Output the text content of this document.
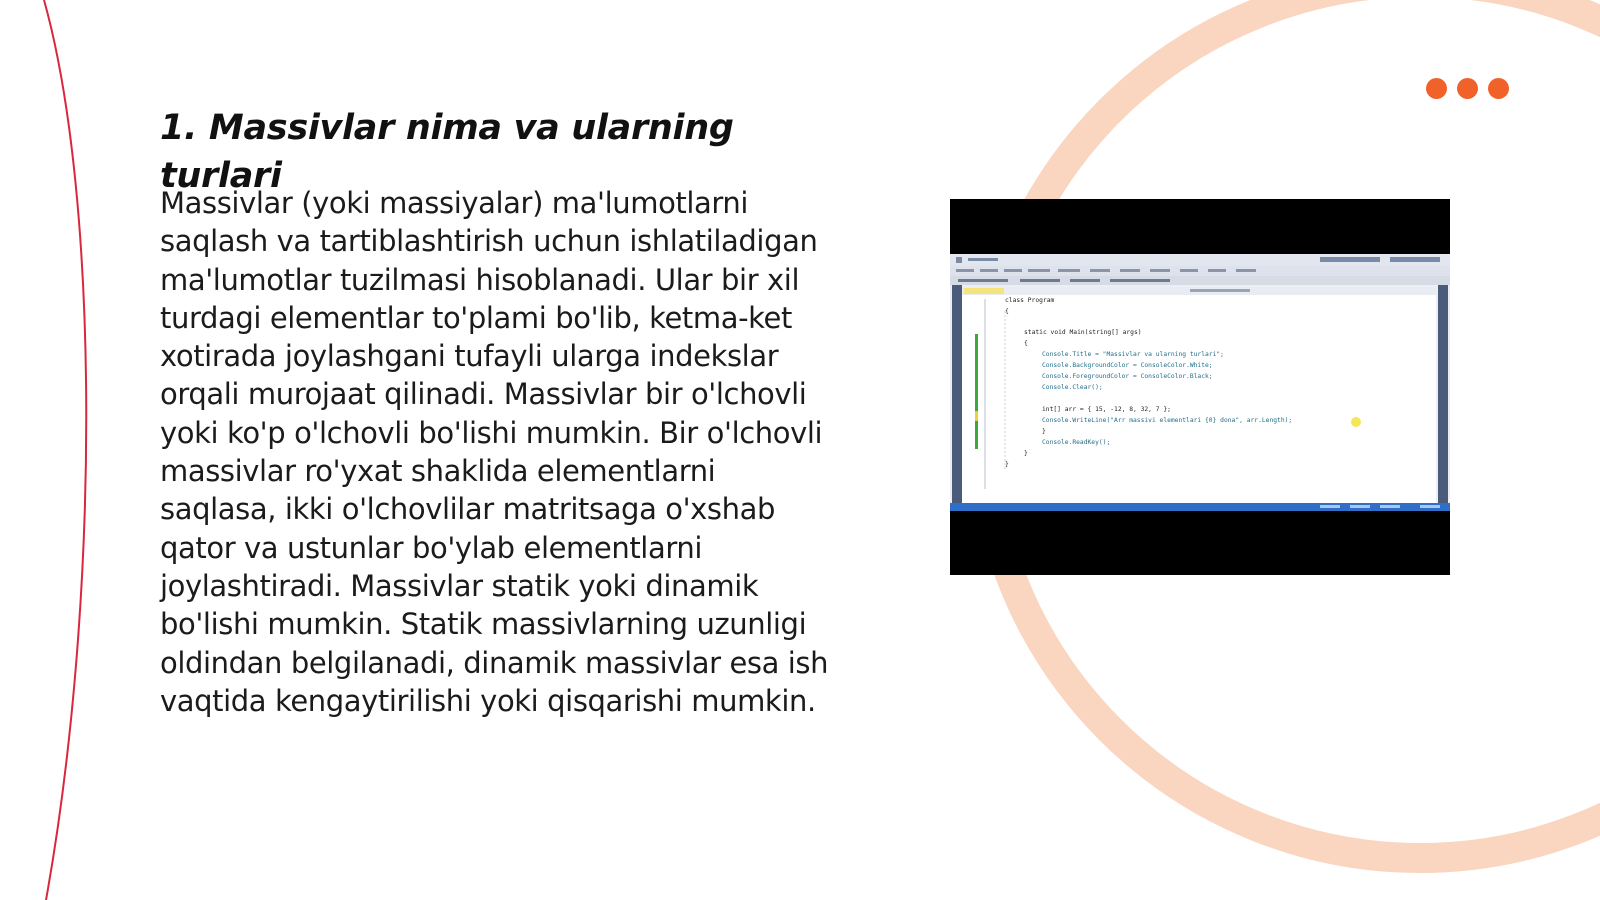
1. Massivlar nima va ularning turlari

Massivlar (yoki massiyalar) ma'lumotlarni saqlash va tartiblashtirish uchun ishlatiladigan ma'lumotlar tuzilmasi hisoblanadi. Ular bir xil turdagi elementlar to'plami bo'lib, ketma-ket xotirada joylashgani tufayli ularga indekslar orqali murojaat qilinadi. Massivlar bir o'lchovli yoki ko'p o'lchovli bo'lishi mumkin. Bir o'lchovli massivlar ro'yxat shaklida elementlarni saqlasa, ikki o'lchovlilar matritsaga o'xshab qator va ustunlar bo'ylab elementlarni joylashtiradi. Massivlar statik yoki dinamik bo'lishi mumkin. Statik massivlarning uzunligi oldindan belgilanadi, dinamik massivlar esa ish vaqtida kengaytirilishi yoki qisqarishi mumkin.

class Program
{
static void Main(string[] args)
{
Console.Title = "Massivlar va ularning turlari";
Console.BackgroundColor = ConsoleColor.White;
Console.ForegroundColor = ConsoleColor.Black;
Console.Clear();
int[] arr = { 15, -12, 8, 32, 7 };
Console.WriteLine("Arr massivi elementlari {0} dona", arr.Length);
}
Console.ReadKey();
}
}
